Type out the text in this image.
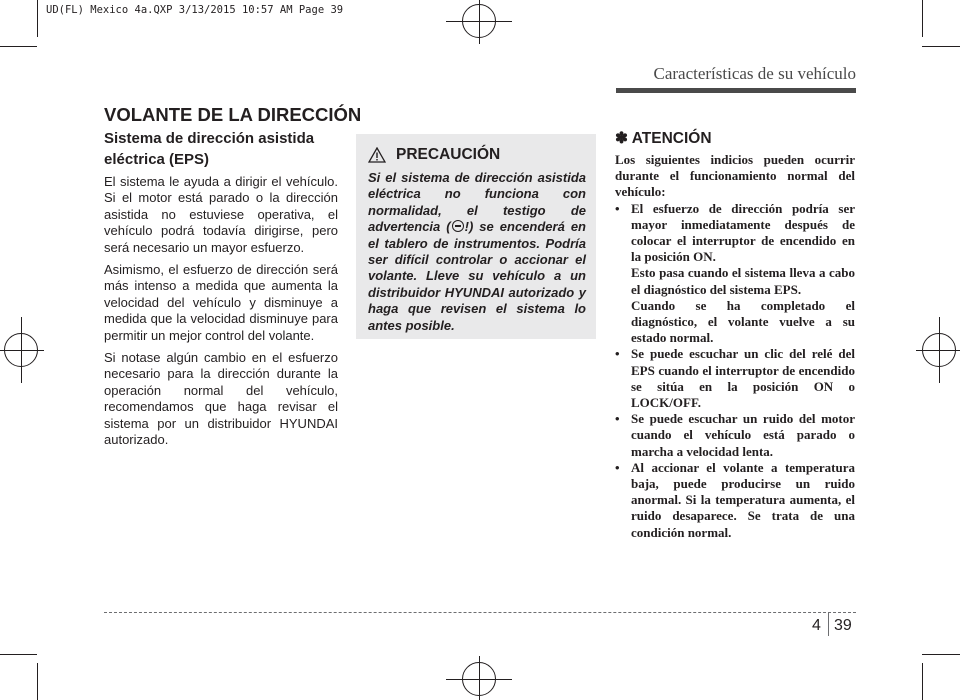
UD(FL) Mexico 4a.QXP 3/13/2015 10:57 AM Page 39
Características de su vehículo
VOLANTE DE LA DIRECCIÓN
Sistema de dirección asistida eléctrica (EPS)

El sistema le ayuda a dirigir el vehículo. Si el motor está parado o la dirección asistida no estuviese operativa, el vehículo podrá todavía dirigirse, pero será necesario un mayor esfuerzo.

Asimismo, el esfuerzo de dirección será más intenso a medida que aumenta la velocidad del vehículo y disminuye a medida que la velocidad disminuye para permitir un mejor control del volante.

Si notase algún cambio en el esfuerzo necesario para la dirección durante la operación normal del vehículo, recomendamos que haga revisar el sistema por un distribuidor HYUNDAI autorizado.

PRECAUCIÓN
Si el sistema de dirección asistida eléctrica no funciona con normalidad, el testigo de advertencia ( !) se encenderá en el tablero de instrumentos. Podría ser difícil controlar o accionar el volante. Lleve su vehículo a un distribuidor HYUNDAI autorizado y haga que revisen el sistema lo antes posible.
✽ ATENCIÓN
Los siguientes indicios pueden ocurrir durante el funcionamiento normal del vehículo:
• El esfuerzo de dirección podría ser mayor inmediatamente después de colocar el interruptor de encendido en la posición ON.
Esto pasa cuando el sistema lleva a cabo el diagnóstico del sistema EPS.
Cuando se ha completado el diagnóstico, el volante vuelve a su estado normal.
• Se puede escuchar un clic del relé del EPS cuando el interruptor de encendido se sitúa en la posición ON o LOCK/OFF.
• Se puede escuchar un ruido del motor cuando el vehículo está parado o marcha a velocidad lenta.
• Al accionar el volante a temperatura baja, puede producirse un ruido anormal. Si la temperatura aumenta, el ruido desaparece. Se trata de una condición normal.
4 39
